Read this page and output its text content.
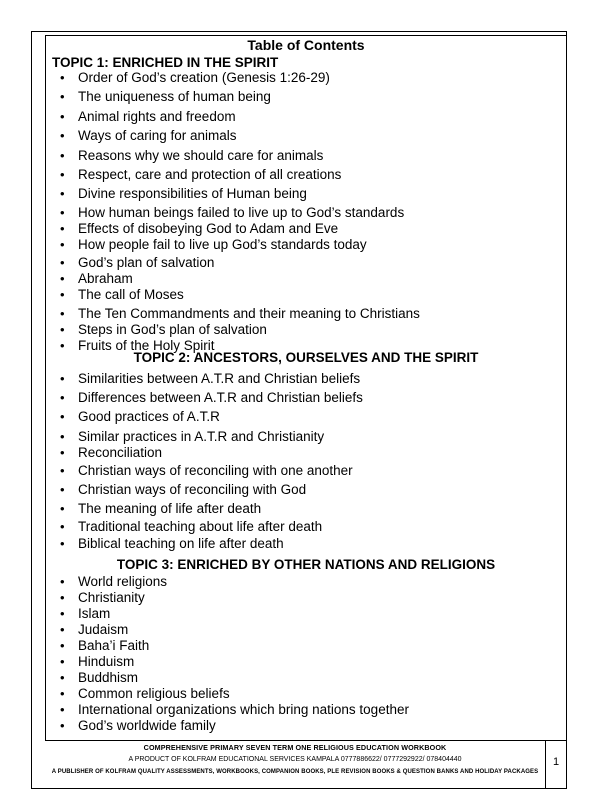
Table of Contents
TOPIC 1: ENRICHED IN THE SPIRIT
• Order of God’s creation (Genesis 1:26-29)
• The uniqueness of human being
• Animal rights and freedom
• Ways of caring for animals
• Reasons why we should care for animals
• Respect, care and protection of all creations
• Divine responsibilities of Human being
• How human beings failed to live up to God’s standards
• Effects of disobeying God to Adam and Eve
• How people fail to live up God’s standards today
• God’s plan of salvation
• Abraham
• The call of Moses
• The Ten Commandments and their meaning to Christians
• Steps in God’s plan of salvation
• Fruits of the Holy Spirit
TOPIC 2: ANCESTORS, OURSELVES AND THE SPIRIT
• Similarities between A.T.R and Christian beliefs
• Differences between A.T.R and Christian beliefs
• Good practices of A.T.R
• Similar practices in A.T.R and Christianity
• Reconciliation
• Christian ways of reconciling with one another
• Christian ways of reconciling with God
• The meaning of life after death
• Traditional teaching about life after death
• Biblical teaching on life after death
TOPIC 3: ENRICHED BY OTHER NATIONS AND RELIGIONS
• World religions
• Christianity
• Islam
• Judaism
• Baha’i Faith
• Hinduism
• Buddhism
• Common religious beliefs
• International organizations which bring nations together
• God’s worldwide family
COMPREHENSIVE PRIMARY SEVEN TERM ONE RELIGIOUS EDUCATION WORKBOOK
A PRODUCT OF KOLFRAM EDUCATIONAL SERVICES KAMPALA 0777886622/ 0777292922/ 078404440
A PUBLISHER OF KOLFRAM QUALITY ASSESSMENTS, WORKBOOKS, COMPANION BOOKS, PLE REVISION BOOKS & QUESTION BANKS AND HOLIDAY PACKAGES
1
